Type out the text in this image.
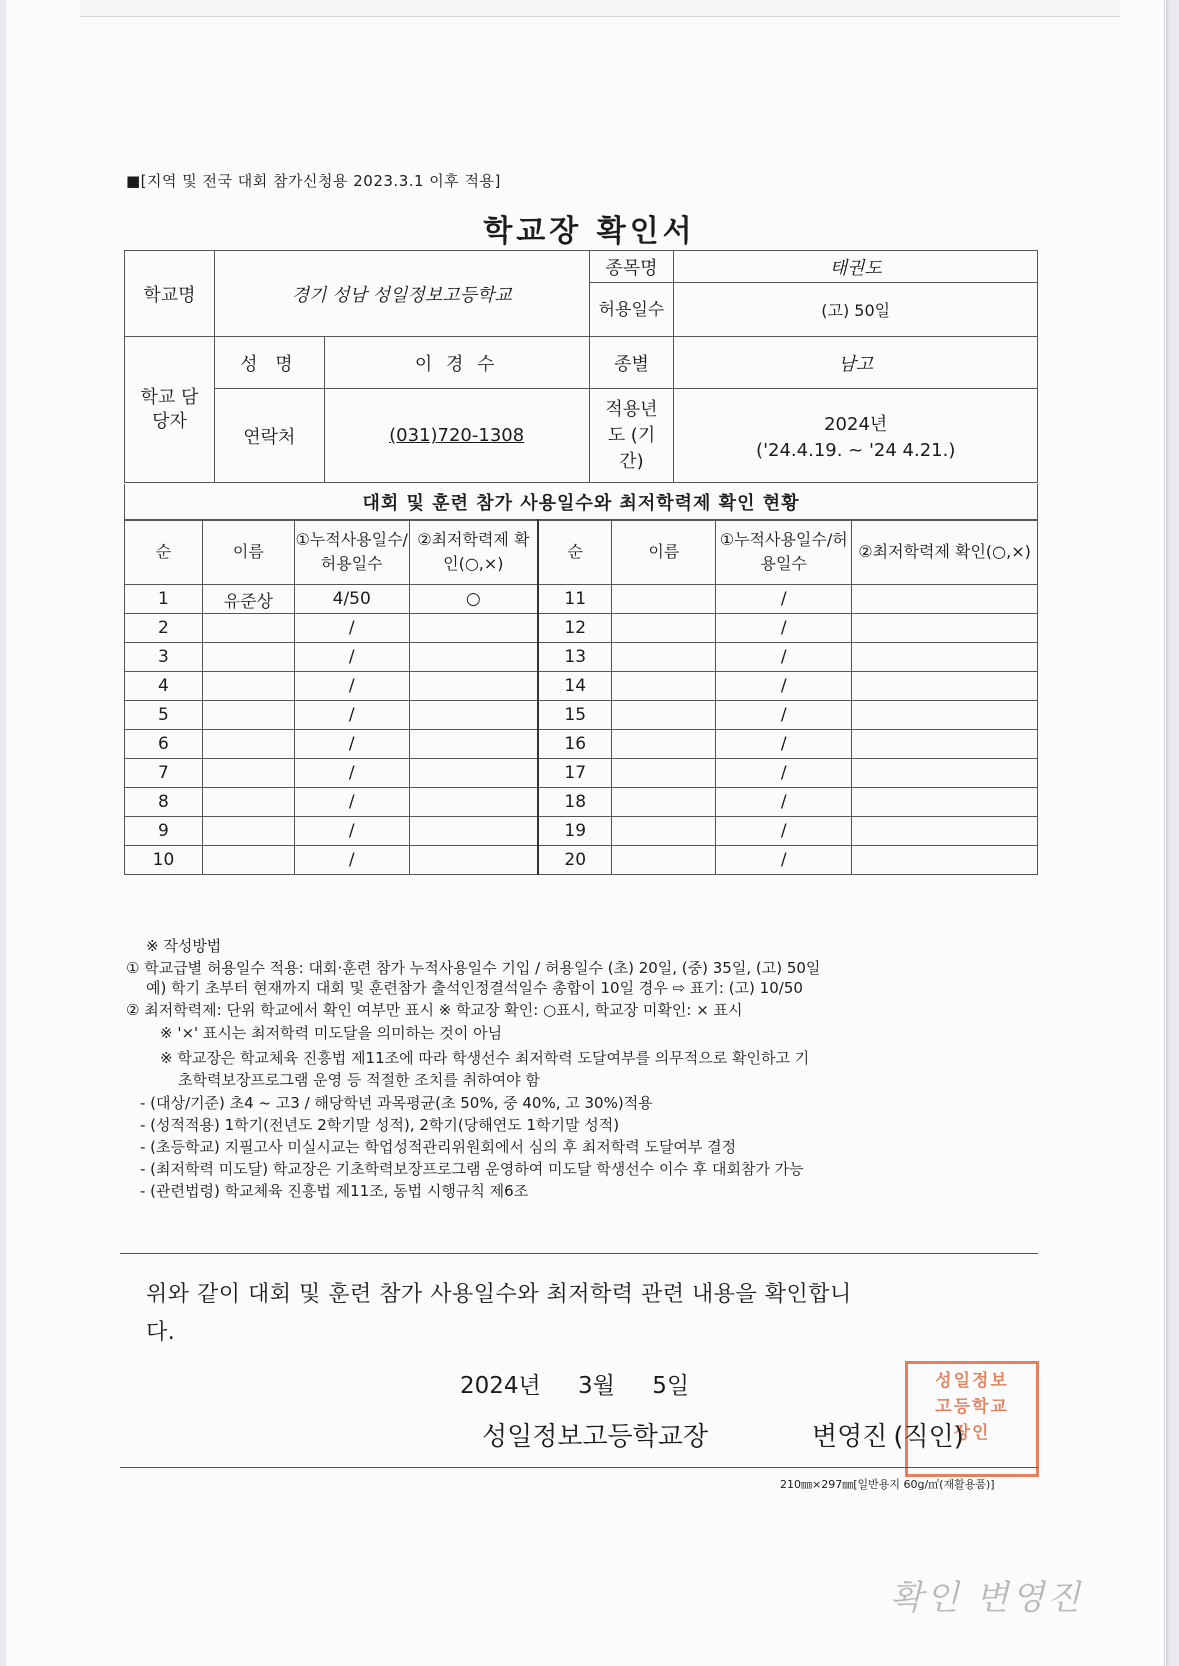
■[지역 및 전국 대회 참가신청용 2023.3.1 이후 적용]
학교장 확인서
학교명	경기 성남 성일정보고등학교		종목명	태권도
			허용일수	(고) 50일
학교 담당자	성 명	이 경 수	종별	남고
	연락처	(031)720-1308	적용년도 (기간)	2024년
('24.4.19. ~ '24 4.21.)
대회 및 훈련 참가 사용일수와 최저학력제 확인 현황
순	이름	①누적사용일수/허용일수	②최저학력제 확인(○,×)	순	이름	①누적사용일수/허용일수	②최저학력제 확인(○,×)
1	유준상	4/50	○	11		/	
2		/		12		/	
3		/		13		/	
4		/		14		/	
5		/		15		/	
6		/		16		/	
7		/		17		/	
8		/		18		/	
9		/		19		/	
10		/		20		/	
※ 작성방법
① 학교급별 허용일수 적용: 대회·훈련 참가 누적사용일수 기입 / 허용일수 (초) 20일, (중) 35일, (고) 50일
예) 학기 초부터 현재까지 대회 및 훈련참가 출석인정결석일수 총합이 10일 경우 ⇨ 표기: (고) 10/50
② 최저학력제: 단위 학교에서 확인 여부만 표시 ※ 학교장 확인: ○표시, 학교장 미확인: × 표시
※ '×' 표시는 최저학력 미도달을 의미하는 것이 아님
※ 학교장은 학교체육 진흥법 제11조에 따라 학생선수 최저학력 도달여부를 의무적으로 확인하고 기
초학력보장프로그램 운영 등 적절한 조치를 취하여야 함
- (대상/기준) 초4 ~ 고3 / 해당학년 과목평균(초 50%, 중 40%, 고 30%)적용
- (성적적용) 1학기(전년도 2학기말 성적), 2학기(당해연도 1학기말 성적)
- (초등학교) 지필고사 미실시교는 학업성적관리위원회에서 심의 후 최저학력 도달여부 결정
- (최저학력 미도달) 학교장은 기초학력보장프로그램 운영하여 미도달 학생선수 이수 후 대회참가 가능
- (관련법령) 학교체육 진흥법 제11조, 동법 시행규칙 제6조
위와 같이 대회 및 훈련 참가 사용일수와 최저학력 관련 내용을 확인합니
다.
2024년 3월 5일	성일정보
고등학교
장인
성일정보고등학교장	변영진 (직인)
210㎜×297㎜[일반용지 60g/㎡(재활용품)]
확인 변영진
